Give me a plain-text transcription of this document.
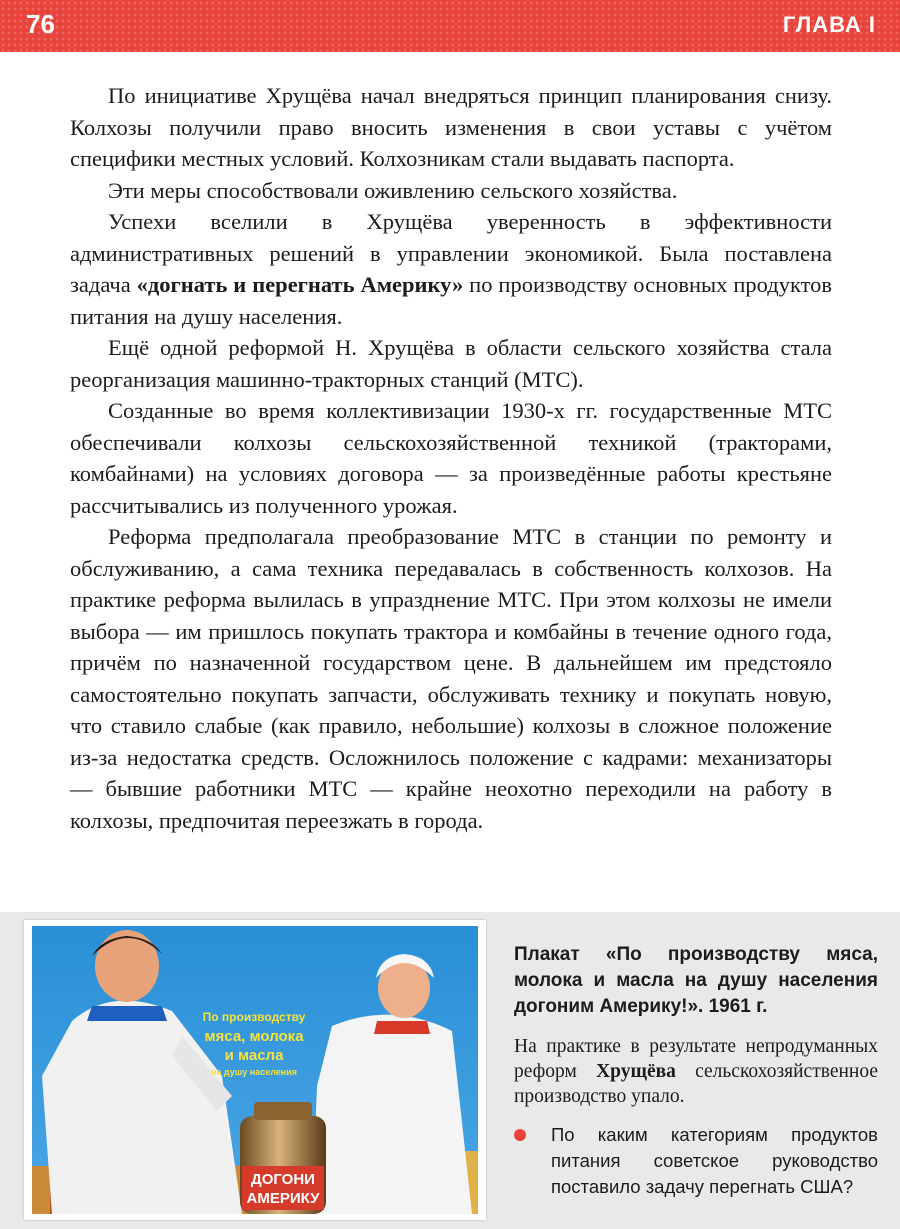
76	ГЛАВА I

По инициативе Хрущёва начал внедряться принцип планирования снизу. Колхозы получили право вносить изменения в свои уставы с учётом специфики местных условий. Колхозникам стали выдавать паспорта.

Эти меры способствовали оживлению сельского хозяйства.

Успехи вселили в Хрущёва уверенность в эффективности административных решений в управлении экономикой. Была поставлена задача «догнать и перегнать Америку» по производству основных продуктов питания на душу населения.

Ещё одной реформой Н. Хрущёва в области сельского хозяйства стала реорганизация машинно-тракторных станций (МТС).

Созданные во время коллективизации 1930-х гг. государственные МТС обеспечивали колхозы сельскохозяйственной техникой (тракторами, комбайнами) на условиях договора — за произведённые работы крестьяне рассчитывались из полученного урожая.

Реформа предполагала преобразование МТС в станции по ремонту и обслуживанию, а сама техника передавалась в собственность колхозов. На практике реформа вылилась в упразднение МТС. При этом колхозы не имели выбора — им пришлось покупать трактора и комбайны в течение одного года, причём по назначенной государством цене. В дальнейшем им предстояло самостоятельно покупать запчасти, обслуживать технику и покупать новую, что ставило слабые (как правило, небольшие) колхозы в сложное положение из-за недостатка средств. Осложнилось положение с кадрами: механизаторы — бывшие работники МТС — крайне неохотно переходили на работу в колхозы, предпочитая переезжать в города.

ДОГОНИ
АМЕРИКУ
По производству
мяса, молока
и масла
на душу населения
Плакат «По производству мяса, молока и масла на душу населения догоним Америку!». 1961 г.
На практике в результате непродуманных реформ Хрущёва сельскохозяйственное производство упало.
По каким категориям продуктов питания советское руководство поставило задачу перегнать США?
